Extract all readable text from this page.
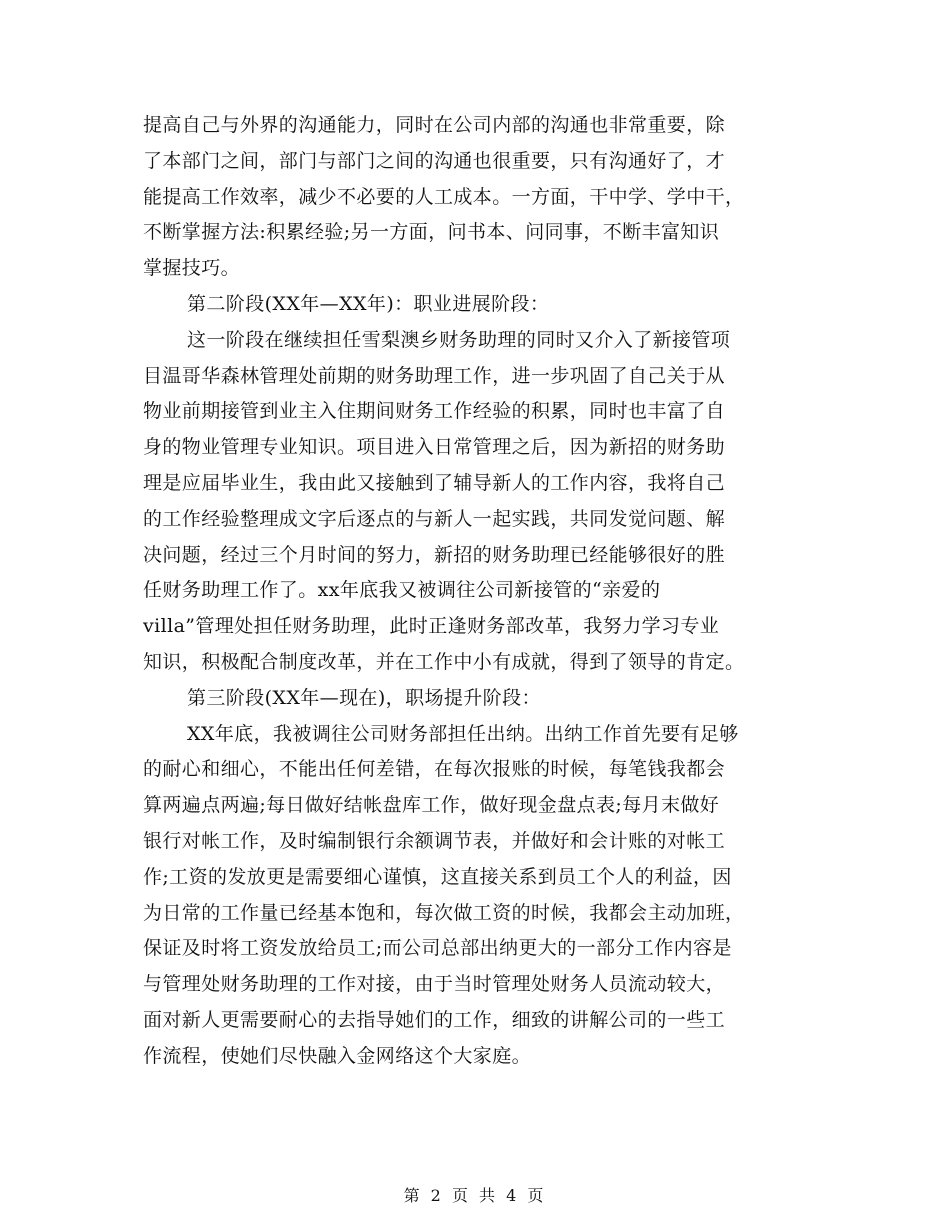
提高自己与外界的沟通能力，同时在公司内部的沟通也非常重要，除
了本部门之间，部门与部门之间的沟通也很重要，只有沟通好了，才
能提高工作效率，减少不必要的人工成本。一方面，干中学、学中干，
不断掌握方法:积累经验;另一方面，问书本、问同事，不断丰富知识
掌握技巧。
第二阶段(XX年—XX年)：职业进展阶段：
这一阶段在继续担任雪梨澳乡财务助理的同时又介入了新接管项
目温哥华森林管理处前期的财务助理工作，进一步巩固了自己关于从
物业前期接管到业主入住期间财务工作经验的积累，同时也丰富了自
身的物业管理专业知识。项目进入日常管理之后，因为新招的财务助
理是应届毕业生，我由此又接触到了辅导新人的工作内容，我将自己
的工作经验整理成文字后逐点的与新人一起实践，共同发觉问题、解
决问题，经过三个月时间的努力，新招的财务助理已经能够很好的胜
任财务助理工作了。xx年底我又被调往公司新接管的“亲爱的
villa”管理处担任财务助理，此时正逢财务部改革，我努力学习专业
知识，积极配合制度改革，并在工作中小有成就，得到了领导的肯定。
第三阶段(XX年—现在)，职场提升阶段：
XX年底，我被调往公司财务部担任出纳。出纳工作首先要有足够
的耐心和细心，不能出任何差错，在每次报账的时候，每笔钱我都会
算两遍点两遍;每日做好结帐盘库工作，做好现金盘点表;每月末做好
银行对帐工作，及时编制银行余额调节表，并做好和会计账的对帐工
作;工资的发放更是需要细心谨慎，这直接关系到员工个人的利益，因
为日常的工作量已经基本饱和，每次做工资的时候，我都会主动加班，
保证及时将工资发放给员工;而公司总部出纳更大的一部分工作内容是
与管理处财务助理的工作对接，由于当时管理处财务人员流动较大，
面对新人更需要耐心的去指导她们的工作，细致的讲解公司的一些工
作流程，使她们尽快融入金网络这个大家庭。
第 2 页 共 4 页
